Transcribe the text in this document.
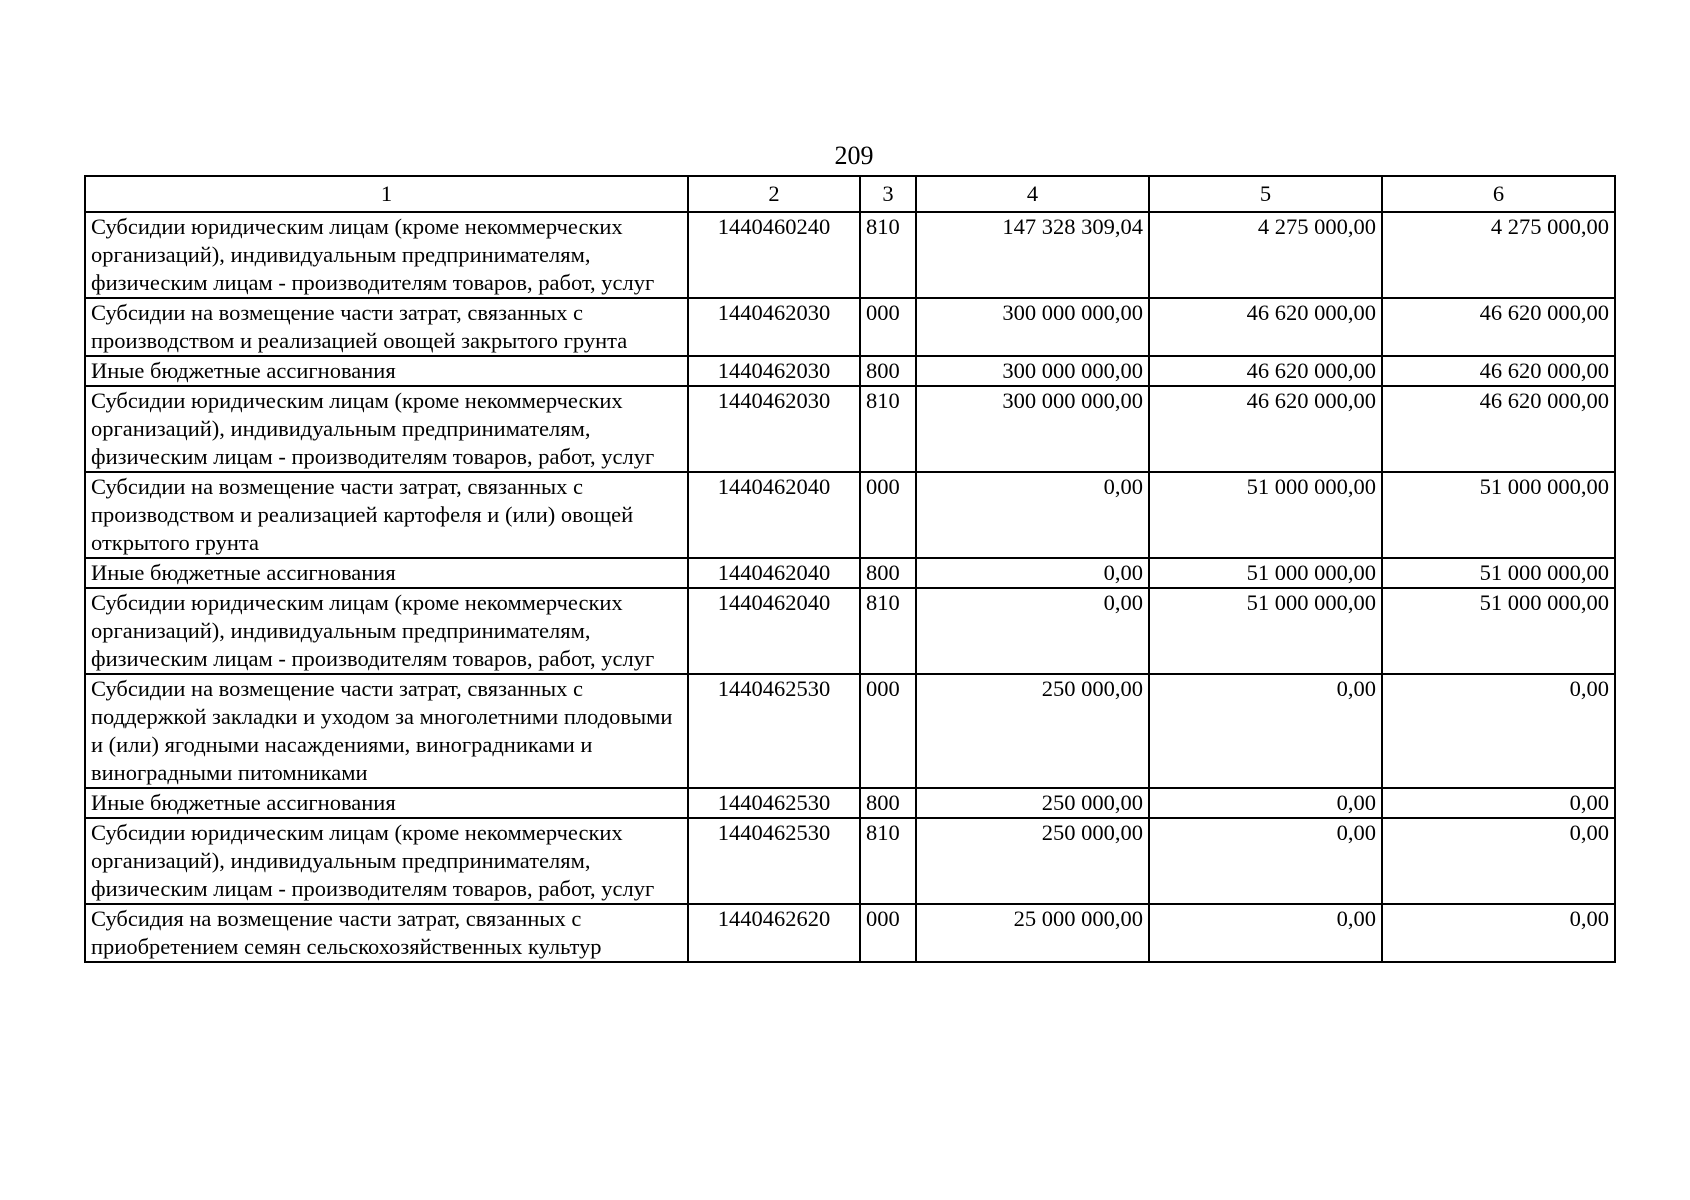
209
1	2	3	4	5	6
Субсидии юридическим лицам (кроме некоммерческих организаций), индивидуальным предпринимателям, физическим лицам - производителям товаров, работ, услуг	1440460240	810	147 328 309,04	4 275 000,00	4 275 000,00
Субсидии на возмещение части затрат, связанных с производством и реализацией овощей закрытого грунта	1440462030	000	300 000 000,00	46 620 000,00	46 620 000,00
Иные бюджетные ассигнования	1440462030	800	300 000 000,00	46 620 000,00	46 620 000,00
Субсидии юридическим лицам (кроме некоммерческих организаций), индивидуальным предпринимателям, физическим лицам - производителям товаров, работ, услуг	1440462030	810	300 000 000,00	46 620 000,00	46 620 000,00
Субсидии на возмещение части затрат, связанных с производством и реализацией картофеля и (или) овощей открытого грунта	1440462040	000	0,00	51 000 000,00	51 000 000,00
Иные бюджетные ассигнования	1440462040	800	0,00	51 000 000,00	51 000 000,00
Субсидии юридическим лицам (кроме некоммерческих организаций), индивидуальным предпринимателям, физическим лицам - производителям товаров, работ, услуг	1440462040	810	0,00	51 000 000,00	51 000 000,00
Субсидии на возмещение части затрат, связанных с поддержкой закладки и уходом за многолетними плодовыми и (или) ягодными насаждениями, виноградниками и виноградными питомниками	1440462530	000	250 000,00	0,00	0,00
Иные бюджетные ассигнования	1440462530	800	250 000,00	0,00	0,00
Субсидии юридическим лицам (кроме некоммерческих организаций), индивидуальным предпринимателям, физическим лицам - производителям товаров, работ, услуг	1440462530	810	250 000,00	0,00	0,00
Субсидия на возмещение части затрат, связанных с приобретением семян сельскохозяйственных культур	1440462620	000	25 000 000,00	0,00	0,00
